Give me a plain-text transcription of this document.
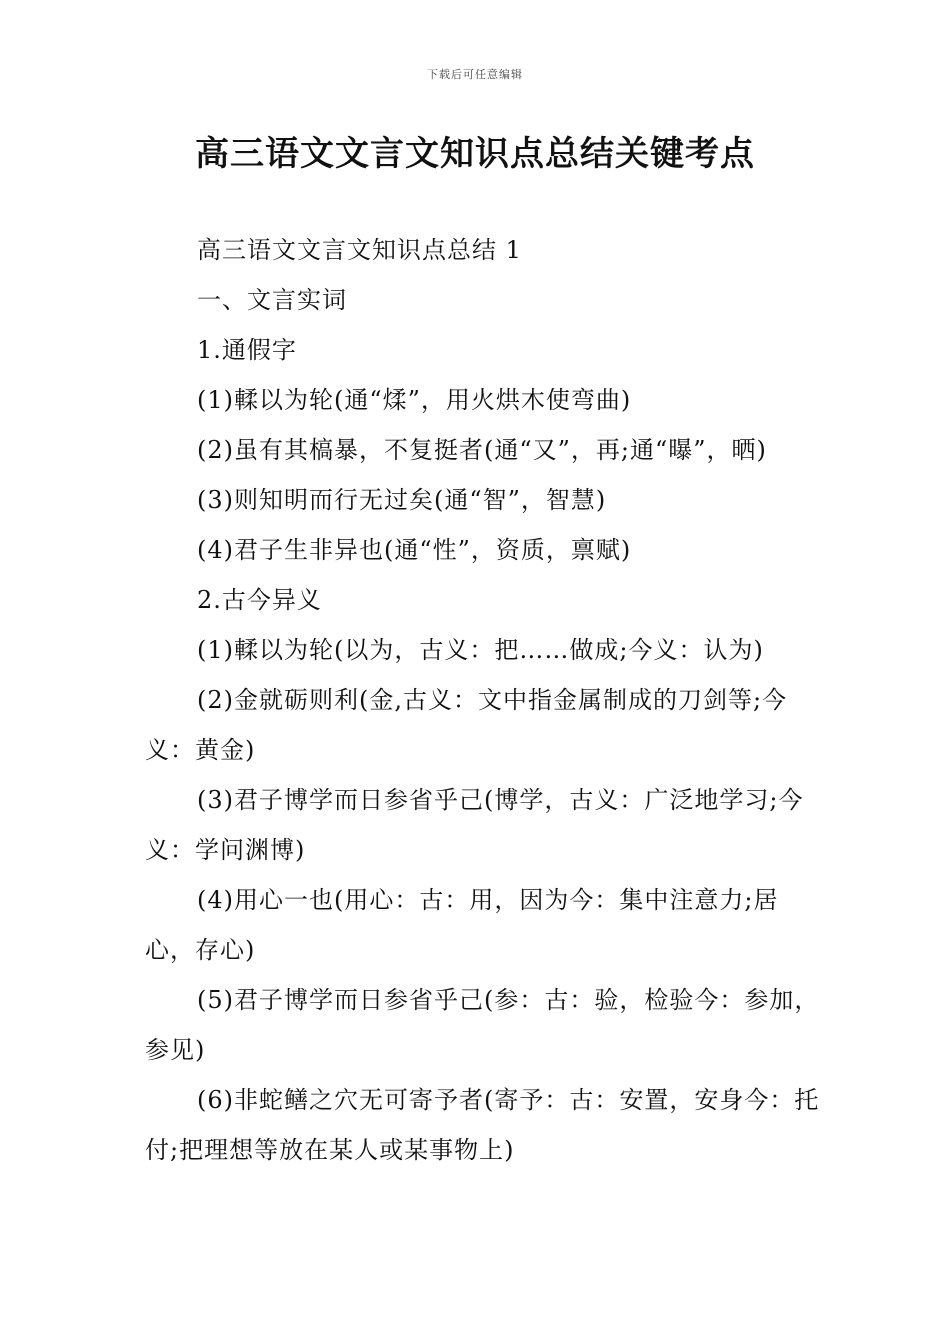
下载后可任意编辑
高三语文文言文知识点总结关键考点

高三语文文言文知识点总结 1

一、文言实词

1.通假字

(1)輮以为轮(通“煣”，用火烘木使弯曲)

(2)虽有其槁暴，不复挺者(通“又”，再;通“曝”，晒)

(3)则知明而行无过矣(通“智”，智慧)

(4)君子生非异也(通“性”，资质，禀赋)

2.古今异义

(1)輮以为轮(以为，古义：把……做成;今义：认为)

(2)金就砺则利(金,古义：文中指金属制成的刀剑等;今义：黄金)

(3)君子博学而日参省乎己(博学，古义：广泛地学习;今义：学问渊博)

(4)用心一也(用心：古：用，因为今：集中注意力;居心，存心)

(5)君子博学而日参省乎己(参：古：验，检验今：参加，参见)

(6)非蛇鳝之穴无可寄予者(寄予：古：安置，安身今：托付;把理想等放在某人或某事物上)
